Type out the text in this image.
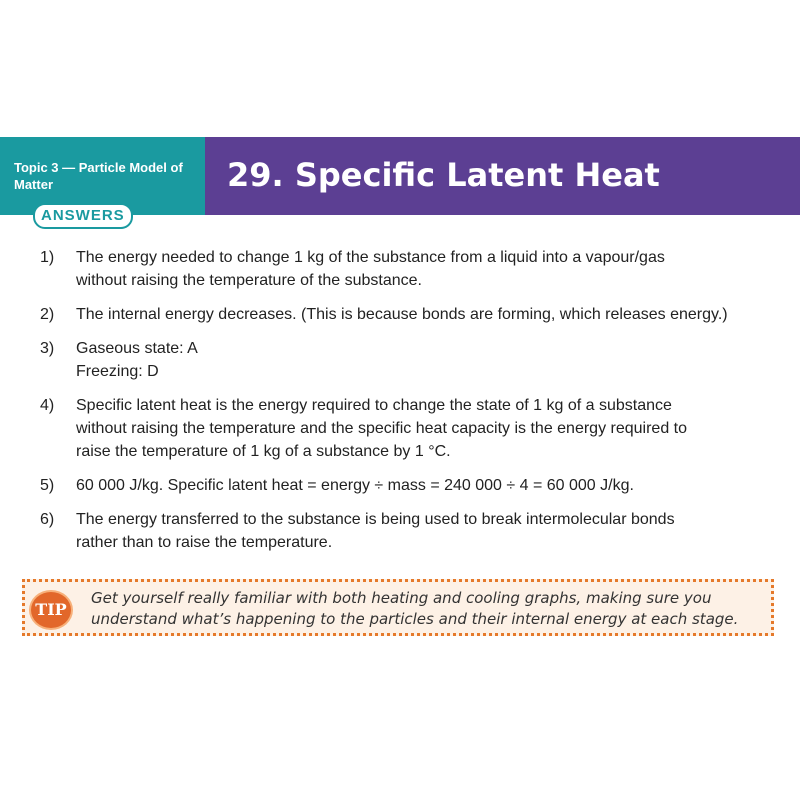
Topic 3 — Particle Model of Matter
ANSWERS
29. Specific Latent Heat
1)	The energy needed to change 1 kg of the substance from a liquid into a vapour/gas
without raising the temperature of the substance.
2)	The internal energy decreases. (This is because bonds are forming, which releases energy.)
3)	Gaseous state: A
Freezing: D
4)	Specific latent heat is the energy required to change the state of 1 kg of a substance
without raising the temperature and the specific heat capacity is the energy required to
raise the temperature of 1 kg of a substance by 1 °C.
5)	60 000 J/kg. Specific latent heat = energy ÷ mass = 240 000 ÷ 4 = 60 000 J/kg.
6)	The energy transferred to the substance is being used to break intermolecular bonds
rather than to raise the temperature.
TIP
Get yourself really familiar with both heating and cooling graphs, making sure you
understand what’s happening to the particles and their internal energy at each stage.
